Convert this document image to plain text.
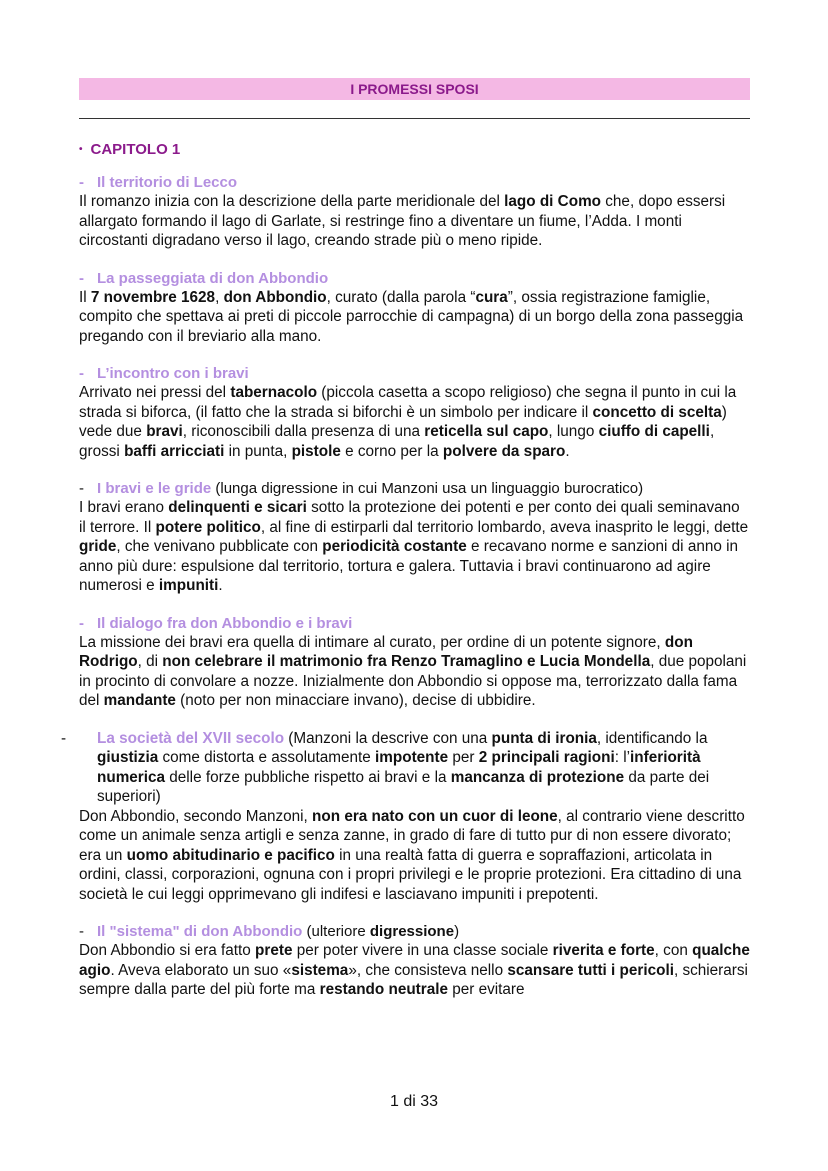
I PROMESSI SPOSI
• CAPITOLO 1
- Il territorio di Lecco

Il romanzo inizia con la descrizione della parte meridionale del lago di Como che, dopo essersi allargato formando il lago di Garlate, si restringe fino a diventare un fiume, l’Adda. I monti circostanti digradano verso il lago, creando strade più o meno ripide.

- La passeggiata di don Abbondio

Il 7 novembre 1628, don Abbondio, curato (dalla parola “cura”, ossia registrazione famiglie, compito che spettava ai preti di piccole parrocchie di campagna) di un borgo della zona passeggia pregando con il breviario alla mano.

- L’incontro con i bravi

Arrivato nei pressi del tabernacolo (piccola casetta a scopo religioso) che segna il punto in cui la strada si biforca, (il fatto che la strada si biforchi è un simbolo per indicare il concetto di scelta) vede due bravi, riconoscibili dalla presenza di una reticella sul capo, lungo ciuffo di capelli, grossi baffi arricciati in punta, pistole e corno per la polvere da sparo.

- I bravi e le gride (lunga digressione in cui Manzoni usa un linguaggio burocratico)

I bravi erano delinquenti e sicari sotto la protezione dei potenti e per conto dei quali seminavano il terrore. Il potere politico, al fine di estirparli dal territorio lombardo, aveva inasprito le leggi, dette gride, che venivano pubblicate con periodicità costante e recavano norme e sanzioni di anno in anno più dure: espulsione dal territorio, tortura e galera. Tuttavia i bravi continuarono ad agire numerosi e impuniti.

- Il dialogo fra don Abbondio e i bravi

La missione dei bravi era quella di intimare al curato, per ordine di un potente signore, don Rodrigo, di non celebrare il matrimonio fra Renzo Tramaglino e Lucia Mondella, due popolani in procinto di convolare a nozze. Inizialmente don Abbondio si oppose ma, terrorizzato dalla fama del mandante (noto per non minacciare invano), decise di ubbidire.

- La società del XVII secolo (Manzoni la descrive con una punta di ironia, identificando la giustizia come distorta e assolutamente impotente per 2 principali ragioni: l’inferiorità numerica delle forze pubbliche rispetto ai bravi e la mancanza di protezione da parte dei superiori)

Don Abbondio, secondo Manzoni, non era nato con un cuor di leone, al contrario viene descritto come un animale senza artigli e senza zanne, in grado di fare di tutto pur di non essere divorato; era un uomo abitudinario e pacifico in una realtà fatta di guerra e sopraffazioni, articolata in ordini, classi, corporazioni, ognuna con i propri privilegi e le proprie protezioni. Era cittadino di una società le cui leggi opprimevano gli indifesi e lasciavano impuniti i prepotenti.

- Il "sistema" di don Abbondio (ulteriore digressione)

Don Abbondio si era fatto prete per poter vivere in una classe sociale riverita e forte, con qualche agio. Aveva elaborato un suo «sistema», che consisteva nello scansare tutti i pericoli, schierarsi sempre dalla parte del più forte ma restando neutrale per evitare

1 di 33
